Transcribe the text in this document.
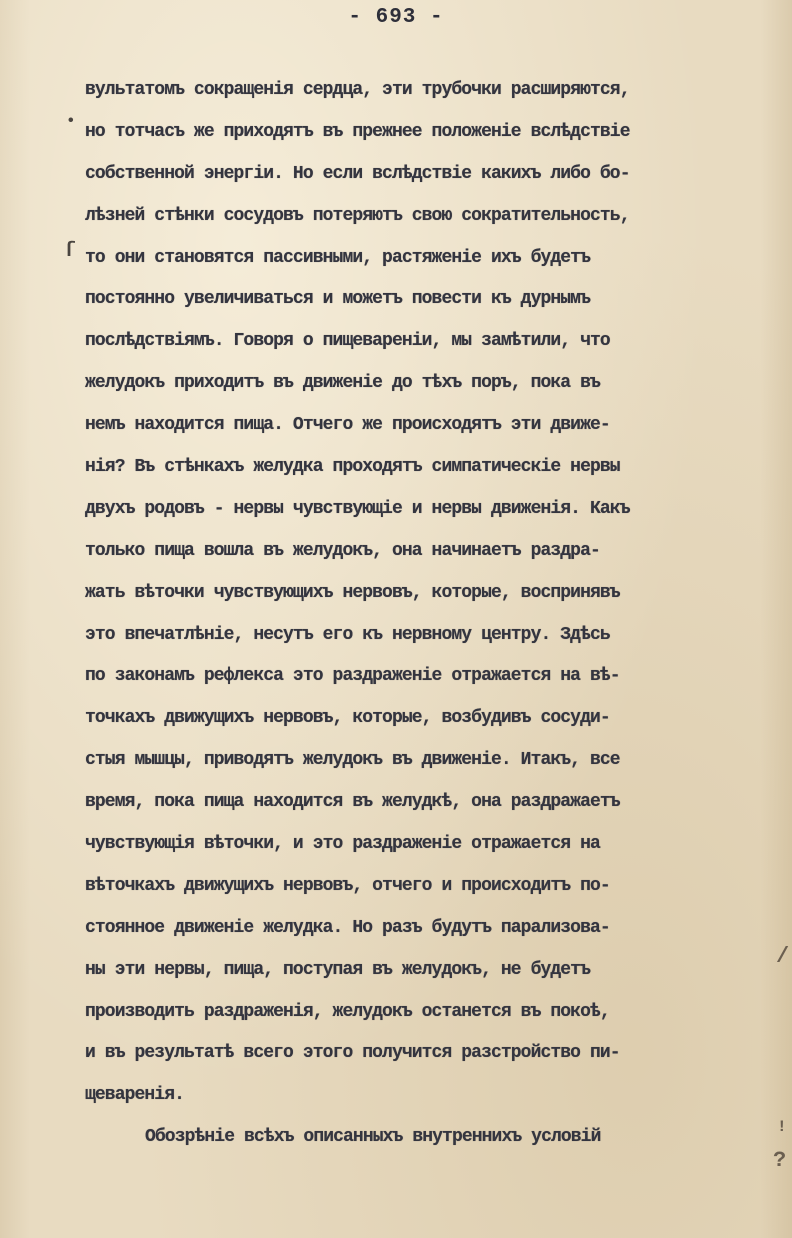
- 693 -
•
ſ
/
!
?
вультатомъ сокращенія сердца, эти трубочки расширяются,
но тотчасъ же приходятъ въ прежнее положеніе вслѣдствіе
собственной энергіи. Но если вслѣдствіе какихъ либо бо-
лѣзней стѣнки сосудовъ потеряютъ свою сократительность,
то они становятся пассивными, растяженіе ихъ будетъ
постоянно увеличиваться и можетъ повести къ дурнымъ
послѣдствіямъ. Говоря о пищевареніи, мы замѣтили, что
желудокъ приходитъ въ движеніе до тѣхъ поръ, пока въ
немъ находится пища. Отчего же происходятъ эти движе-
нія? Въ стѣнкахъ желудка проходятъ симпатическіе нервы
двухъ родовъ - нервы чувствующіе и нервы движенія. Какъ
только пища вошла въ желудокъ, она начинаетъ раздра-
жать вѣточки чувствующихъ нервовъ, которые, воспринявъ
это впечатлѣніе, несутъ его къ нервному центру. Здѣсь
по законамъ рефлекса это раздраженіе отражается на вѣ-
точкахъ движущихъ нервовъ, которые, возбудивъ сосуди-
стыя мышцы, приводятъ желудокъ въ движеніе. Итакъ, все
время, пока пища находится въ желудкѣ, она раздражаетъ
чувствующія вѣточки, и это раздраженіе отражается на
вѣточкахъ движущихъ нервовъ, отчего и происходитъ по-
стоянное движеніе желудка. Но разъ будутъ парализова-
ны эти нервы, пища, поступая въ желудокъ, не будетъ
производить раздраженія, желудокъ останется въ покоѣ,
и въ результатѣ всего этого получится разстройство пи-
щеваренія.
Обозрѣніе всѣхъ описанныхъ внутреннихъ условій
